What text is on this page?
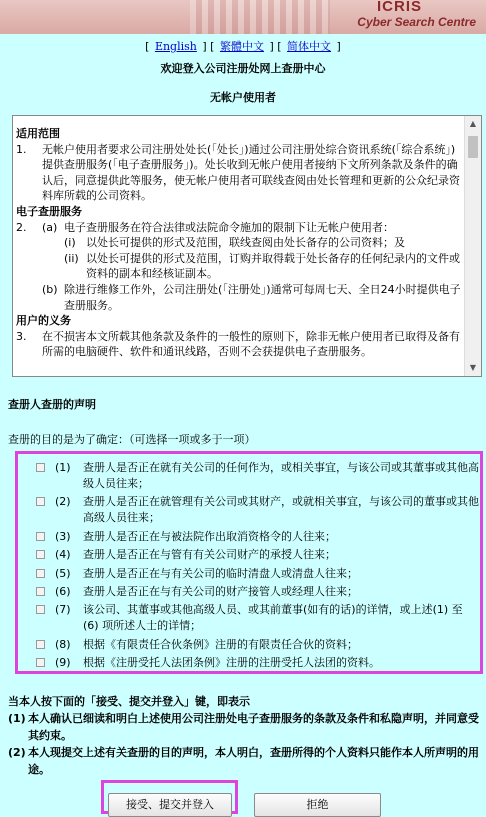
ICRIS
Cyber Search Centre
[ English ] [ 繁體中文 ] [ 简体中文 ]
欢迎登入公司注册处网上查册中心
无帐户使用者
适用范围
1.	无帐户使用者要求公司注册处处长(「处长」)通过公司注册处综合资讯系统(「综合系统」)提供查册服务(「电子查册服务」)。处长收到无帐户使用者接纳下文所列条款及条件的确认后，同意提供此等服务，使无帐户使用者可联线查阅由处长管理和更新的公众纪录资料库所载的公司资料。
电子查册服务
2.	(a) 电子查册服务在符合法律或法院命令施加的限制下让无帐户使用者：
(i) 以处长可提供的形式及范围，联线查阅由处长备存的公司资料；及
(ii) 以处长可提供的形式及范围，订购并取得载于处长备存的任何纪录内的文件或资料的副本和经核证副本。
(b) 除进行维修工作外，公司注册处(「注册处」)通常可每周七天、全日24小时提供电子查册服务。
用户的义务
3.	在不损害本文所载其他条款及条件的一般性的原则下，除非无帐户使用者已取得及备有所需的电脑硬件、软件和通讯线路，否则不会获提供电子查册服务。
▲
▼
查册人查册的声明
查册的目的是为了确定：（可选择一项或多于一项）
(1)	查册人是否正在就有关公司的任何作为，或相关事宜，与该公司或其董事或其他高级人员往来；
(2)	查册人是否正在就管理有关公司或其财产，或就相关事宜，与该公司的董事或其他高级人员往来；
(3)	查册人是否正在与被法院作出取消资格令的人往来；
(4)	查册人是否正在与管有有关公司财产的承授人往来；
(5)	查册人是否正在与有关公司的临时清盘人或清盘人往来；
(6)	查册人是否正在与有关公司的财产接管人或经理人往来；
(7)	该公司、其董事或其他高级人员、或其前董事(如有的话)的详情，或上述(1) 至 (6) 项所述人士的详情；
(8)	根据《有限责任合伙条例》注册的有限责任合伙的资料；
(9)	根据《注册受托人法团条例》注册的注册受托人法团的资料。
当本人按下面的「接受、提交并登入」键，即表示
(1) 本人确认已细读和明白上述使用公司注册处电子查册服务的条款及条件和私隐声明，并同意受其约束。
(2) 本人现提交上述有关查册的目的声明，本人明白，查册所得的个人资料只能作本人所声明的用途。
接受、提交并登入	拒绝
